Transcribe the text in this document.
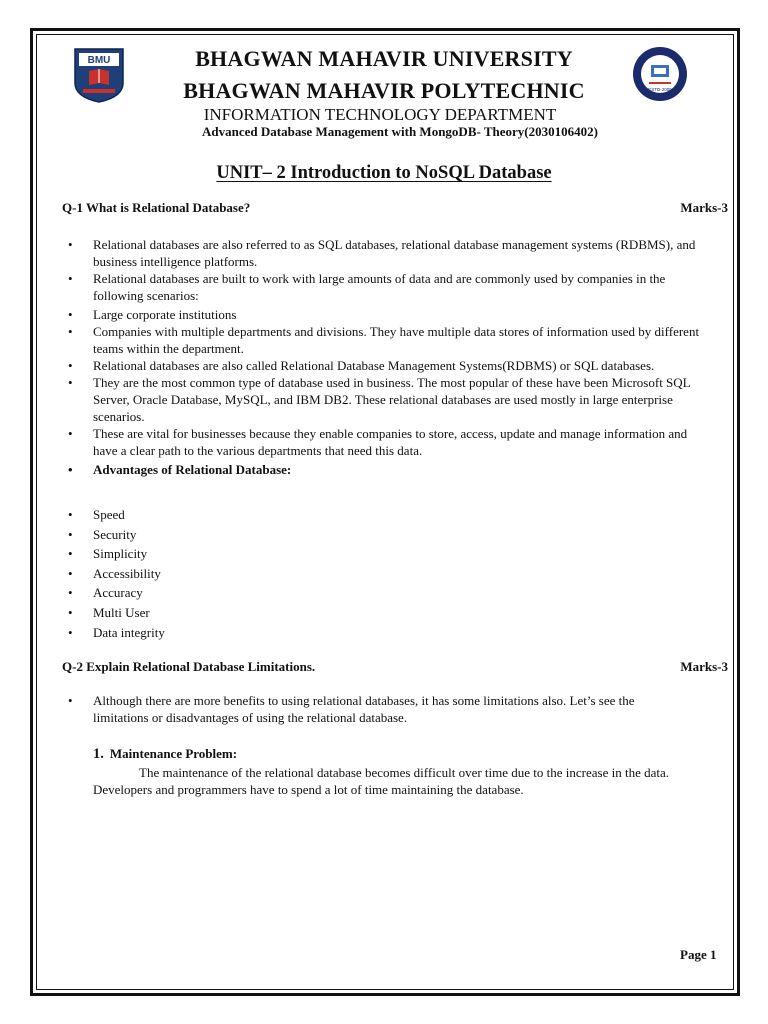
BMU
ESTD-2005
BHAGWAN MAHAVIR UNIVERSITY
BHAGWAN MAHAVIR POLYTECHNIC
INFORMATION TECHNOLOGY DEPARTMENT
Advanced Database Management with MongoDB- Theory(2030106402)
UNIT– 2 Introduction to NoSQL Database
Q-1 What is Relational Database?	Marks-3
• Relational databases are also referred to as SQL databases, relational database management systems (RDBMS), and business intelligence platforms.
• Relational databases are built to work with large amounts of data and are commonly used by companies in the following scenarios:
• Large corporate institutions
• Companies with multiple departments and divisions. They have multiple data stores of information used by different teams within the department.
• Relational databases are also called Relational Database Management Systems(RDBMS) or SQL databases.
• They are the most common type of database used in business. The most popular of these have been Microsoft SQL Server, Oracle Database, MySQL, and IBM DB2. These relational databases are used mostly in large enterprise scenarios.
• These are vital for businesses because they enable companies to store, access, update and manage information and have a clear path to the various departments that need this data.
• Advantages of Relational Database:
• Speed
• Security
• Simplicity
• Accessibility
• Accuracy
• Multi User
• Data integrity
Q-2 Explain Relational Database Limitations.	Marks-3
• Although there are more benefits to using relational databases, it has some limitations also. Let’s see the limitations or disadvantages of using the relational database.
1. Maintenance Problem:
The maintenance of the relational database becomes difficult over time due to the increase in the data. Developers and programmers have to spend a lot of time maintaining the database.
Page 1
